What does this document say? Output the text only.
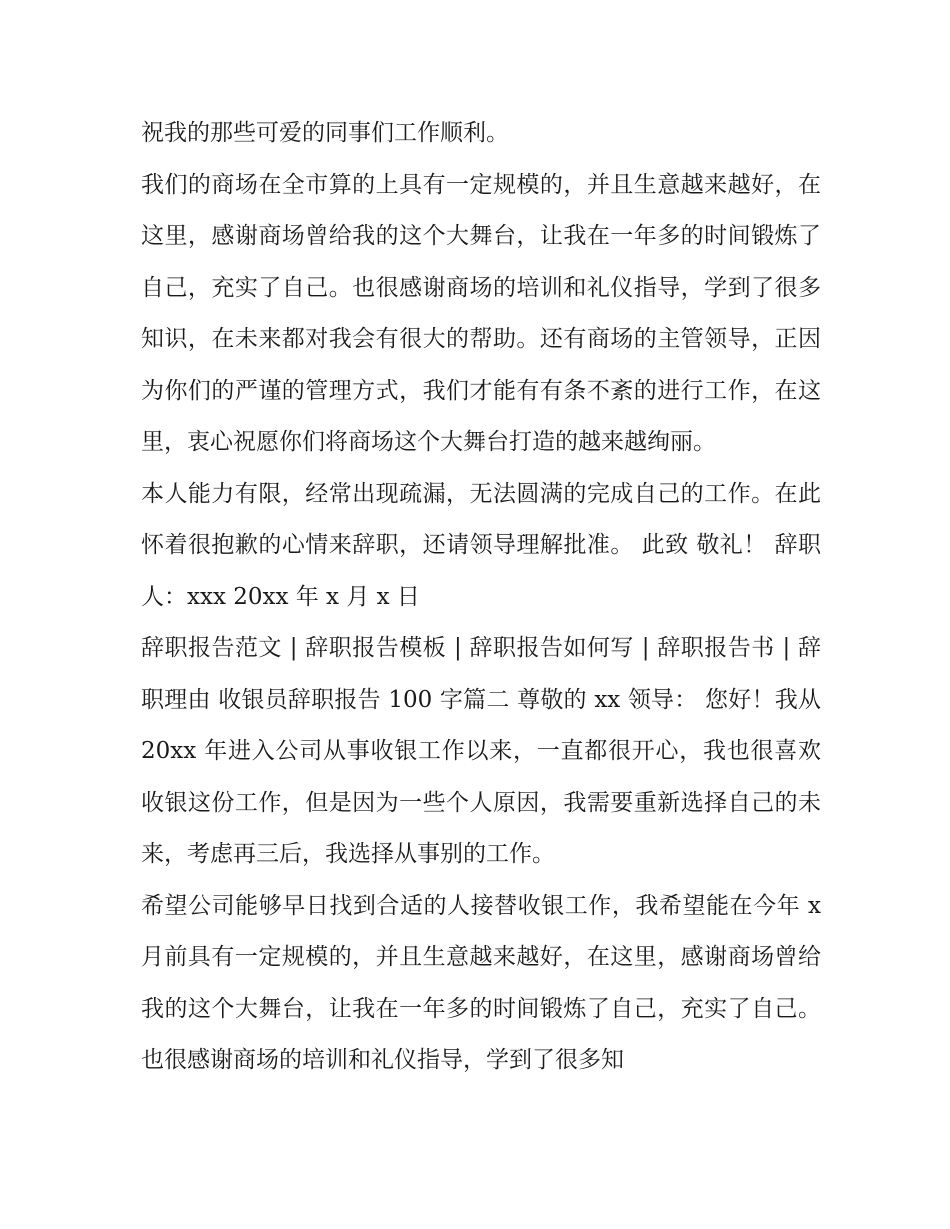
祝我的那些可爱的同事们工作顺利。

我们的商场在全市算的上具有一定规模的，并且生意越来越好，在这里，感谢商场曾给我的这个大舞台，让我在一年多的时间锻炼了自己，充实了自己。也很感谢商场的培训和礼仪指导，学到了很多知识，在未来都对我会有很大的帮助。还有商场的主管领导，正因为你们的严谨的管理方式，我们才能有有条不紊的进行工作，在这里，衷心祝愿你们将商场这个大舞台打造的越来越绚丽。

本人能力有限，经常出现疏漏，无法圆满的完成自己的工作。在此怀着很抱歉的心情来辞职，还请领导理解批准。 此致 敬礼！ 辞职人：xxx 20xx 年 x 月 x 日

辞职报告范文 | 辞职报告模板 | 辞职报告如何写 | 辞职报告书 | 辞职理由 收银员辞职报告 100 字篇二 尊敬的 xx 领导： 您好！我从 20xx 年进入公司从事收银工作以来，一直都很开心，我也很喜欢收银这份工作，但是因为一些个人原因，我需要重新选择自己的未来，考虑再三后，我选择从事别的工作。

希望公司能够早日找到合适的人接替收银工作，我希望能在今年 x 月前具有一定规模的，并且生意越来越好，在这里，感谢商场曾给我的这个大舞台，让我在一年多的时间锻炼了自己，充实了自己。也很感谢商场的培训和礼仪指导，学到了很多知
